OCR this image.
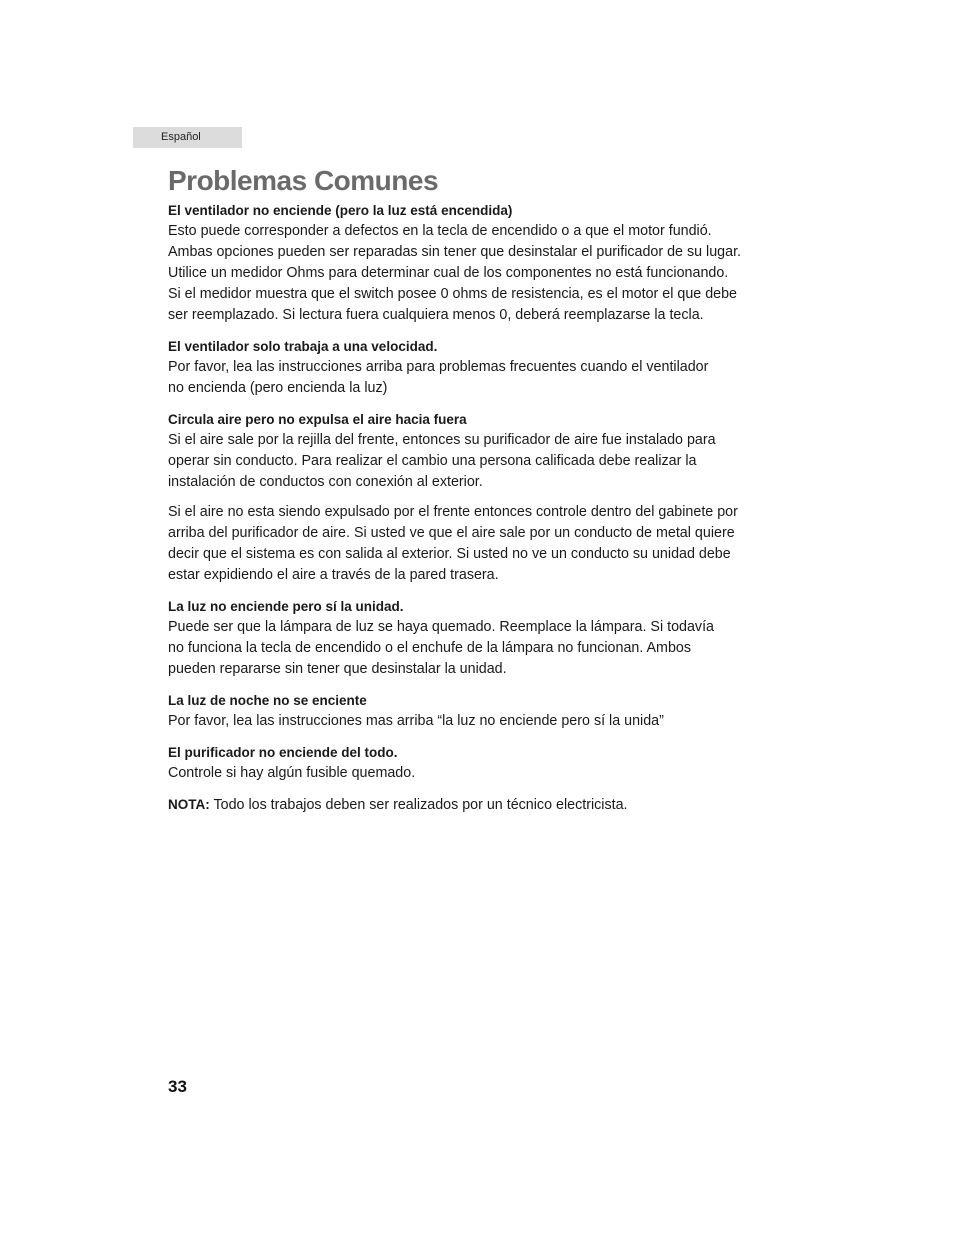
Español
Problemas Comunes

El ventilador no enciende (pero la luz está encendida)

Esto puede corresponder a defectos en la tecla de encendido o a que el motor fundió.
Ambas opciones pueden ser reparadas sin tener que desinstalar el purificador de su lugar.
Utilice un medidor Ohms para determinar cual de los componentes no está funcionando.
Si el medidor muestra que el switch posee 0 ohms de resistencia, es el motor el que debe
ser reemplazado. Si lectura fuera cualquiera menos 0, deberá reemplazarse la tecla.

El ventilador solo trabaja a una velocidad.

Por favor, lea las instrucciones arriba para problemas frecuentes cuando el ventilador
no encienda (pero encienda la luz)

Circula aire pero no expulsa el aire hacia fuera

Si el aire sale por la rejilla del frente, entonces su purificador de aire fue instalado para
operar sin conducto. Para realizar el cambio una persona calificada debe realizar la
instalación de conductos con conexión al exterior.

Si el aire no esta siendo expulsado por el frente entonces controle dentro del gabinete por
arriba del purificador de aire. Si usted ve que el aire sale por un conducto de metal quiere
decir que el sistema es con salida al exterior. Si usted no ve un conducto su unidad debe
estar expidiendo el aire a través de la pared trasera.

La luz no enciende pero sí la unidad.

Puede ser que la lámpara de luz se haya quemado. Reemplace la lámpara. Si todavía
no funciona la tecla de encendido o el enchufe de la lámpara no funcionan. Ambos
pueden repararse sin tener que desinstalar la unidad.

La luz de noche no se enciente

Por favor, lea las instrucciones mas arriba “la luz no enciende pero sí la unida”

El purificador no enciende del todo.

Controle si hay algún fusible quemado.

NOTA: Todo los trabajos deben ser realizados por un técnico electricista.

33
